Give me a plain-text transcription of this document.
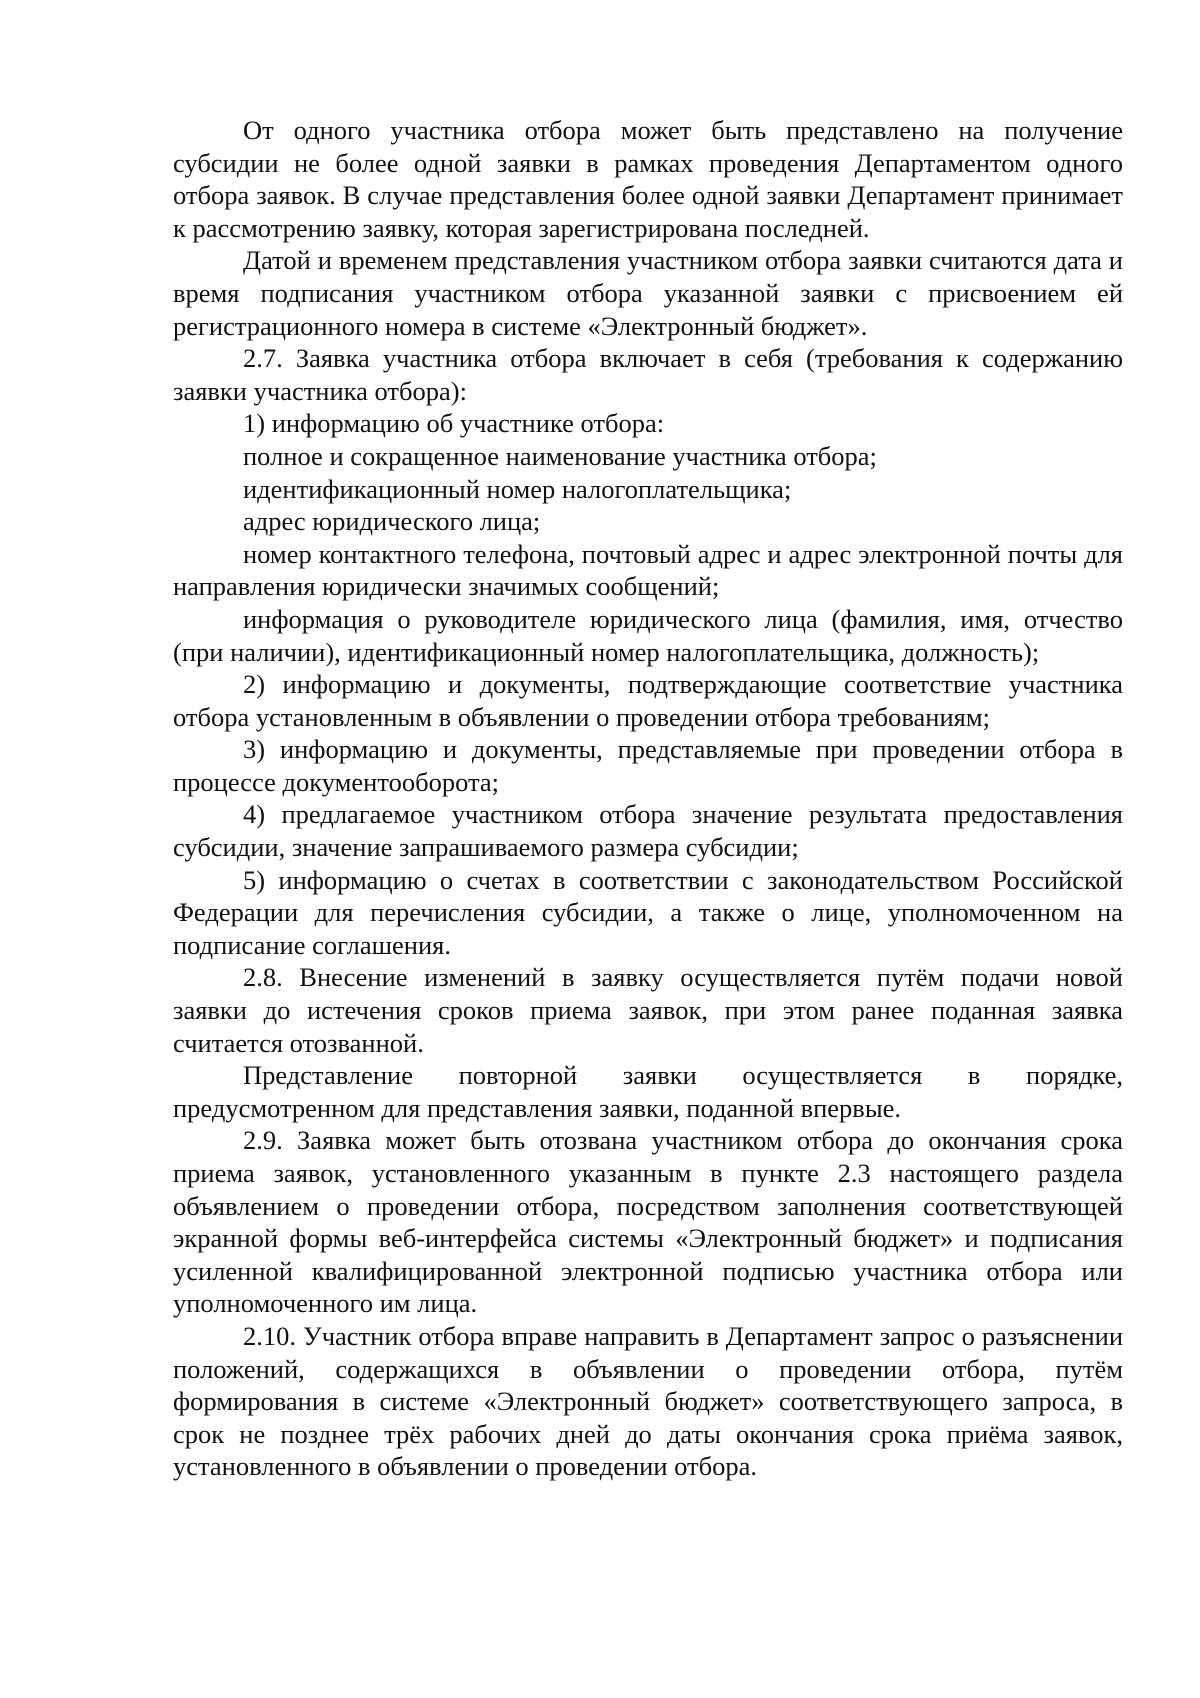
От одного участника отбора может быть представлено на получение субсидии не более одной заявки в рамках проведения Департаментом одного отбора заявок. В случае представления более одной заявки Департамент принимает к рассмотрению заявку, которая зарегистрирована последней.

Датой и временем представления участником отбора заявки считаются дата и время подписания участником отбора указанной заявки с присвоением ей регистрационного номера в системе «Электронный бюджет».

2.7. Заявка участника отбора включает в себя (требования к содержанию заявки участника отбора):

1) информацию об участнике отбора:

полное и сокращенное наименование участника отбора;

идентификационный номер налогоплательщика;

адрес юридического лица;

номер контактного телефона, почтовый адрес и адрес электронной почты для направления юридически значимых сообщений;

информация о руководителе юридического лица (фамилия, имя, отчество (при наличии), идентификационный номер налогоплательщика, должность);

2) информацию и документы, подтверждающие соответствие участника отбора установленным в объявлении о проведении отбора требованиям;

3) информацию и документы, представляемые при проведении отбора в процессе документооборота;

4) предлагаемое участником отбора значение результата предоставления субсидии, значение запрашиваемого размера субсидии;

5) информацию о счетах в соответствии с законодательством Российской Федерации для перечисления субсидии, а также о лице, уполномоченном на подписание соглашения.

2.8. Внесение изменений в заявку осуществляется путём подачи новой заявки до истечения сроков приема заявок, при этом ранее поданная заявка считается отозванной.

Представление повторной заявки осуществляется в порядке, предусмотренном для представления заявки, поданной впервые.

2.9. Заявка может быть отозвана участником отбора до окончания срока приема заявок, установленного указанным в пункте 2.3 настоящего раздела объявлением о проведении отбора, посредством заполнения соответствующей экранной формы веб-интерфейса системы «Электронный бюджет» и подписания усиленной квалифицированной электронной подписью участника отбора или уполномоченного им лица.

2.10. Участник отбора вправе направить в Департамент запрос о разъяснении положений, содержащихся в объявлении о проведении отбора, путём формирования в системе «Электронный бюджет» соответствующего запроса, в срок не позднее трёх рабочих дней до даты окончания срока приёма заявок, установленного в объявлении о проведении отбора.
